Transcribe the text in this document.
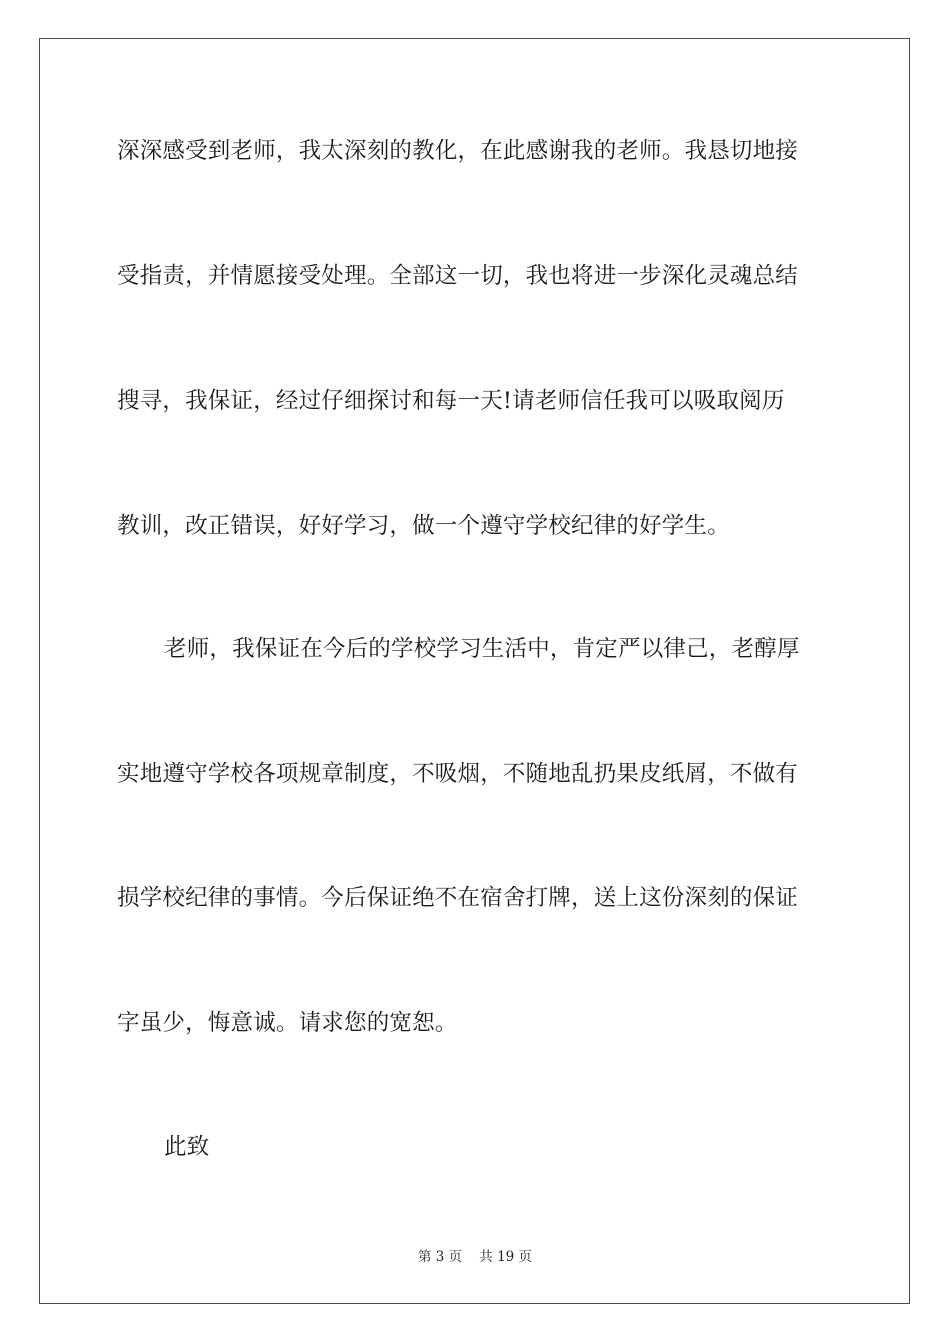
深深感受到老师，我太深刻的教化，在此感谢我的老师。我恳切地接
受指责，并情愿接受处理。全部这一切，我也将进一步深化灵魂总结
搜寻，我保证，经过仔细探讨和每一天!请老师信任我可以吸取阅历
教训，改正错误，好好学习，做一个遵守学校纪律的好学生。
老师，我保证在今后的学校学习生活中，肯定严以律己，老醇厚
实地遵守学校各项规章制度，不吸烟，不随地乱扔果皮纸屑，不做有
损学校纪律的事情。今后保证绝不在宿舍打牌，送上这份深刻的保证
字虽少，悔意诚。请求您的宽恕。
此致
第 3 页    共 19 页
